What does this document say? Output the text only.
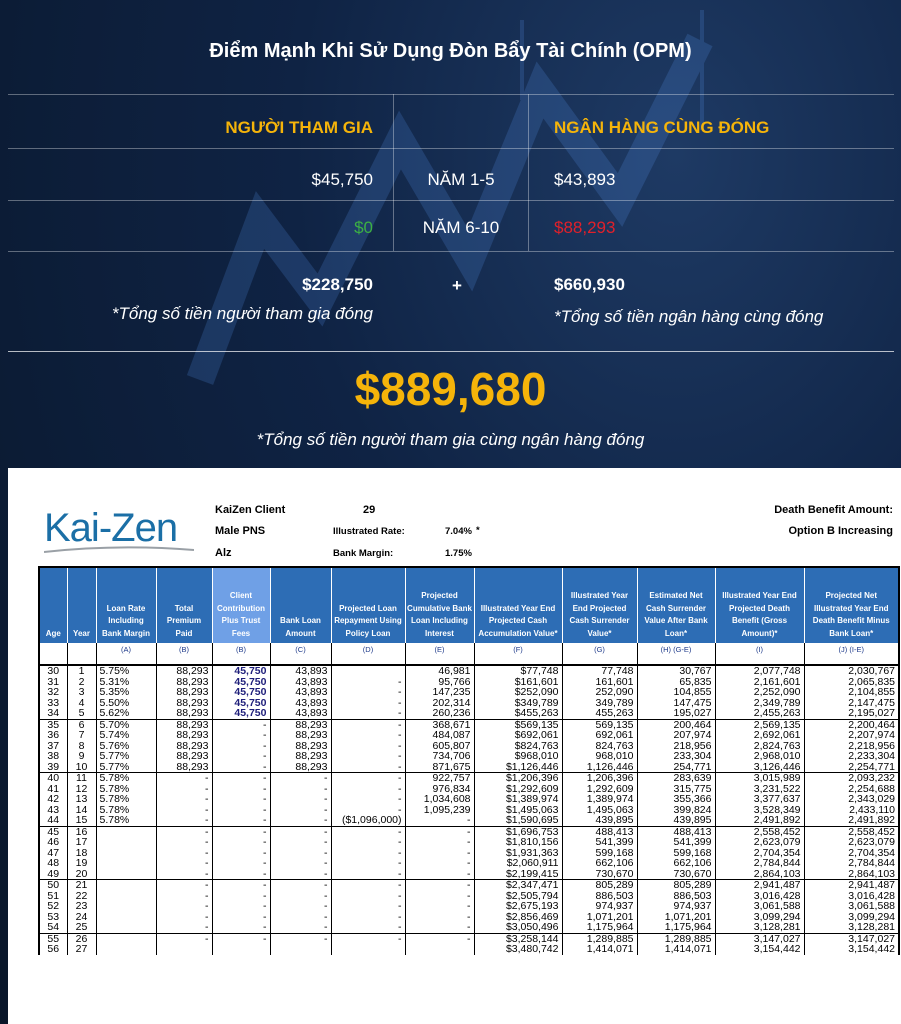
Điểm Mạnh Khi Sử Dụng Đòn Bẩy Tài Chính (OPM)
NGƯỜI THAM GIA	NGÂN HÀNG CÙNG ĐÓNG
$45,750	NĂM 1-5	$43,893
$0	NĂM 6-10	$88,293
$228,750	+	$660,930
*Tổng số tiền người tham gia đóng	*Tổng số tiền ngân hàng cùng đóng
$889,680
*Tổng số tiền người tham gia cùng ngân hàng đóng
Kai-Zen	KaiZen Client	29
Male PNS	Illustrated Rate:	7.04% *
Alz	Bank Margin:	1.75%
Death Benefit Amount:
Option B Increasing
Age	Year	Loan Rate Including Bank Margin	Total Premium Paid	Client Contribution Plus Trust Fees	Bank Loan Amount	Projected Loan Repayment Using Policy Loan	Projected Cumulative Bank Loan Including Interest	Illustrated Year End Projected Cash Accumulation Value*	Illustrated Year End Projected Cash Surrender Value*	Estimated Net Cash Surrender Value After Bank Loan*	Illustrated Year End Projected Death Benefit (Gross Amount)*	Projected Net Illustrated Year End Death Benefit Minus Bank Loan*
		(A)	(B)	(B)	(C)	(D)	(E)	(F)	(G)	(H) (G-E)	(I)	(J) (I-E)
30	1	5.75%	88,293	45,750	43,893		46,981	$77,748	77,748	30,767	2,077,748	2,030,767
31	2	5.31%	88,293	45,750	43,893	-	95,766	$161,601	161,601	65,835	2,161,601	2,065,835
32	3	5.35%	88,293	45,750	43,893	-	147,235	$252,090	252,090	104,855	2,252,090	2,104,855
33	4	5.50%	88,293	45,750	43,893	-	202,314	$349,789	349,789	147,475	2,349,789	2,147,475
34	5	5.62%	88,293	45,750	43,893	-	260,236	$455,263	455,263	195,027	2,455,263	2,195,027
35	6	5.70%	88,293	-	88,293	-	368,671	$569,135	569,135	200,464	2,569,135	2,200,464
36	7	5.74%	88,293	-	88,293	-	484,087	$692,061	692,061	207,974	2,692,061	2,207,974
37	8	5.76%	88,293	-	88,293	-	605,807	$824,763	824,763	218,956	2,824,763	2,218,956
38	9	5.77%	88,293	-	88,293	-	734,706	$968,010	968,010	233,304	2,968,010	2,233,304
39	10	5.77%	88,293	-	88,293	-	871,675	$1,126,446	1,126,446	254,771	3,126,446	2,254,771
40	11	5.78%	-	-	-	-	922,757	$1,206,396	1,206,396	283,639	3,015,989	2,093,232
41	12	5.78%	-	-	-	-	976,834	$1,292,609	1,292,609	315,775	3,231,522	2,254,688
42	13	5.78%	-	-	-	-	1,034,608	$1,389,974	1,389,974	355,366	3,377,637	2,343,029
43	14	5.78%	-	-	-	-	1,095,239	$1,495,063	1,495,063	399,824	3,528,349	2,433,110
44	15	5.78%	-	-	-	($1,096,000)	-	$1,590,695	439,895	439,895	2,491,892	2,491,892
45	16		-	-	-	-	-	$1,696,753	488,413	488,413	2,558,452	2,558,452
46	17		-	-	-	-	-	$1,810,156	541,399	541,399	2,623,079	2,623,079
47	18		-	-	-	-	-	$1,931,363	599,168	599,168	2,704,354	2,704,354
48	19		-	-	-	-	-	$2,060,911	662,106	662,106	2,784,844	2,784,844
49	20		-	-	-	-	-	$2,199,415	730,670	730,670	2,864,103	2,864,103
50	21		-	-	-	-	-	$2,347,471	805,289	805,289	2,941,487	2,941,487
51	22		-	-	-	-	-	$2,505,794	886,503	886,503	3,016,428	3,016,428
52	23		-	-	-	-	-	$2,675,193	974,937	974,937	3,061,588	3,061,588
53	24		-	-	-	-	-	$2,856,469	1,071,201	1,071,201	3,099,294	3,099,294
54	25		-	-	-	-	-	$3,050,496	1,175,964	1,175,964	3,128,281	3,128,281
55	26		-	-	-	-	-	$3,258,144	1,289,885	1,289,885	3,147,027	3,147,027
56	27							$3,480,742	1,414,071	1,414,071	3,154,442	3,154,442
